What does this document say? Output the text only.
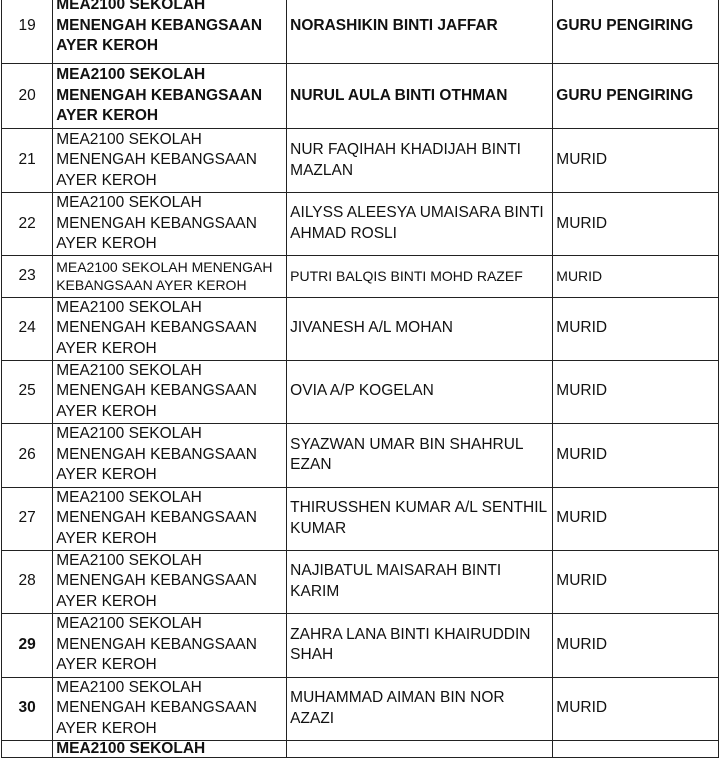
19	MEA2100 SEKOLAH MENENGAH KEBANGSAAN AYER KEROH	NORASHIKIN BINTI JAFFAR	GURU PENGIRING
20	MEA2100 SEKOLAH MENENGAH KEBANGSAAN AYER KEROH	NURUL AULA BINTI OTHMAN	GURU PENGIRING
21	MEA2100 SEKOLAH MENENGAH KEBANGSAAN AYER KEROH	NUR FAQIHAH KHADIJAH BINTI MAZLAN	MURID
22	MEA2100 SEKOLAH MENENGAH KEBANGSAAN AYER KEROH	AILYSS ALEESYA UMAISARA BINTI AHMAD ROSLI	MURID
23	MEA2100 SEKOLAH MENENGAH KEBANGSAAN AYER KEROH	PUTRI BALQIS BINTI MOHD RAZEF	MURID
24	MEA2100 SEKOLAH MENENGAH KEBANGSAAN AYER KEROH	JIVANESH A/L MOHAN	MURID
25	MEA2100 SEKOLAH MENENGAH KEBANGSAAN AYER KEROH	OVIA A/P KOGELAN	MURID
26	MEA2100 SEKOLAH MENENGAH KEBANGSAAN AYER KEROH	SYAZWAN UMAR BIN SHAHRUL EZAN	MURID
27	MEA2100 SEKOLAH MENENGAH KEBANGSAAN AYER KEROH	THIRUSSHEN KUMAR A/L SENTHIL KUMAR	MURID
28	MEA2100 SEKOLAH MENENGAH KEBANGSAAN AYER KEROH	NAJIBATUL MAISARAH BINTI KARIM	MURID
29	MEA2100 SEKOLAH MENENGAH KEBANGSAAN AYER KEROH	ZAHRA LANA BINTI KHAIRUDDIN SHAH	MURID
30	MEA2100 SEKOLAH MENENGAH KEBANGSAAN AYER KEROH	MUHAMMAD AIMAN BIN NOR AZAZI	MURID
	MEA2100 SEKOLAH		
